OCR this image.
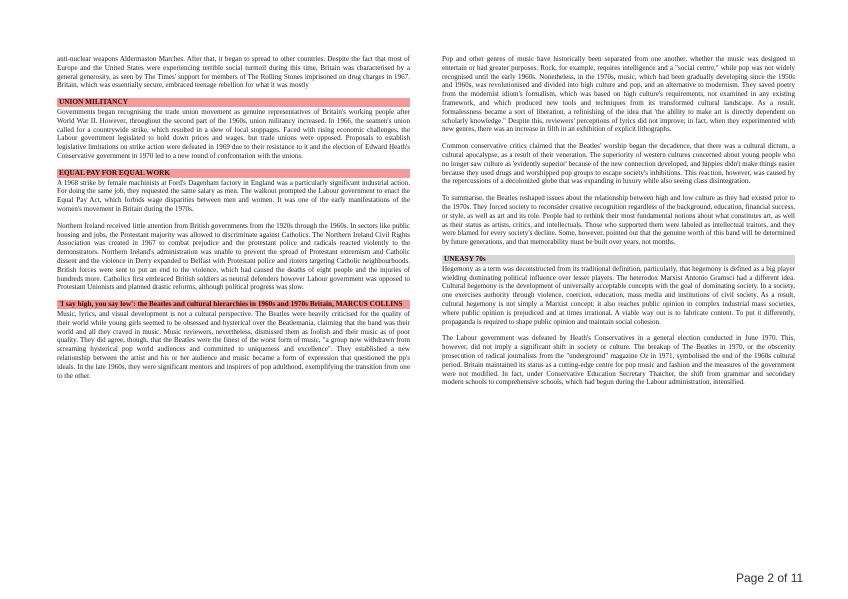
anti-nuclear weapons Aldermaston Marches. After that, it began to spread to other countries. Despite the fact that most of Europe and the United States were experiencing terrible social turmoil during this time, Britain was characterised by a general generosity, as seen by The Times' support for members of The Rolling Stones imprisoned on drug charges in 1967. Britain, which was essentially secure, embraced teenage rebellion for what it was mostly

UNION MILITANCY

Governments began recognising the trade union movement as genuine representatives of Britain's working people after World War II. However, throughout the second part of the 1960s, union militancy increased. In 1966, the seamen's union called for a countrywide strike, which resulted in a slew of local stoppages. Faced with rising economic challenges, the Labour government legislated to hold down prices and wages, but trade unions were opposed. Proposals to establish legislative limitations on strike action were defeated in 1969 due to their resistance to it and the election of Edward Heath's Conservative government in 1970 led to a new round of confrontation with the unions.

EQUAL PAY FOR EQUAL WORK

A 1968 strike by female machinists at Ford's Dagenham factory in England was a particularly significant industrial action. For doing the same job, they requested the same salary as men. The walkout prompted the Labour government to enact the Equal Pay Act, which forbids wage disparities between men and women. It was one of the early manifestations of the women's movement in Britain during the 1970s.

Northern Ireland received little attention from British governments from the 1920s through the 1960s. In sectors like public housing and jobs, the Protestant majority was allowed to discriminate against Catholics. The Northern Ireland Civil Rights Association was created in 1967 to combat prejudice and the protestant police and radicals reacted violently to the demonstrators. Northern Ireland's administration was unable to prevent the spread of Protestant extremism and Catholic dissent and the violence in Derry expanded to Belfast with Protestant police and rioters targeting Catholic neighbourhoods. British forces were sent to put an end to the violence, which had caused the deaths of eight people and the injuries of hundreds more. Catholics first embraced British soldiers as neutral defenders however Labour government was opposed to Protestant Unionists and planned drastic reforms, although political progress was slow.

'I say high, you say low': the Beatles and cultural hierarchies in 1960s and 1970s Britain, MARCUS COLLINS

Music, lyrics, and visual development is not a cultural perspective. The Beatles were heavily criticised for the quality of their world while young girls seemed to be obsessed and hysterical over the Beatlemania, claiming that the band was their world and all they craved in music. Music reviewers, nevertheless, dismissed them as foolish and their music as of poor quality. They did agree, though, that the Beatles were the finest of the worst form of music, "a group now withdrawn from screaming hysterical pop world audiences and committed to uniqueness and excellence". They established a new relationship between the artist and his or her audience and music became a form of expression that questioned the pp's ideals. In the late 1960s, they were significant mentors and inspirers of pop adulthood, exemplifying the transition from one to the other.

Pop and other genres of music have historically been separated from one another, whether the music was designed to entertain or had greater purposes. Rock, for example, requires intelligence and a "social centre," while pop was not widely recognised until the early 1960s. Nonetheless, in the 1970s, music, which had been gradually developing since the 1950s and 1960s, was revolutionised and divided into high culture and pop, and an alternative to modernism. They saved poetry from the modernist idiom's formalism, which was based on high culture's requirements, not examined in any existing framework, and which produced new tools and techniques from its transformed cultural landscape. As a result, formalessness became a sort of liberation, a refinishing of the idea that 'the ability to make art is directly dependent on scholarly knowledge." Despite this, reviewers' perceptions of lyrics did not improve; in fact, when they experimented with new genres, there was an increase in filth in an exhibition of explicit lithographs.

Common conservative critics claimed that the Beatles' worship began the decadence, that there was a cultural dictum, a cultural apocalypse, as a result of their veneration. The superiority of western cultures concerned about young people who no longer saw culture as 'evidently superior' because of the new connection developed, and hippies didn't make things easier because they used drugs and worshipped pop groups to escape society's inhibitions. This reaction, however, was caused by the repercussions of a decolonized globe that was expanding in luxury while also seeing class disintegration.

To summarise, the Beatles reshaped issues about the relationship between high and low culture as they had existed prior to the 1970s. They forced society to reconsider creative recognition regardless of the background, education, financial success, or style, as well as art and its role. People had to rethink their most fundamental notions about what constitutes art, as well as their status as artists, critics, and intellectuals. Those who supported them were labeled as intellectual traitors, and they were blamed for every society's decline. Some, however, pointed out that the genuine worth of this band will be determined by future generations, and that memorability must be built over years, not months.

UNEASY 70s

Hegemony as a term was deconstructed from its traditional definition, particularly, that hegemony is defined as a big player wielding dominating political influence over lesser players. The heterodox Marxist Antonio Gramsci had a different idea. Cultural hegemony is the development of universally acceptable concepts with the goal of dominating society. In a society, one exercises authority through violence, coercion, education, mass media and institutions of civil society. As a result, cultural hegemony is not simply a Marxist concept; it also reaches public opinion in complex industrial mass societies, where public opinion is prejudiced and at times irrational. A viable way out is to fabricate content. To put it differently, propaganda is required to shape public opinion and maintain social cohesion.

The Labour government was defeated by Heath's Conservatives in a general election conducted in June 1970. This, however, did not imply a significant shift in society or culture. The breakup of The Beatles in 1970, or the obscenity prosecution of radical journalists from the "underground" magazine Oz in 1971, symbolised the end of the 1960s cultural period. Britain maintained its status as a cutting-edge centre for pop music and fashion and the measures of the government were not modified. In fact, under Conservative Education Secretary Thatcher, the shift from grammar and secondary modern schools to comprehensive schools, which had begun during the Labour administration, intensified.

Page 2 of 11
